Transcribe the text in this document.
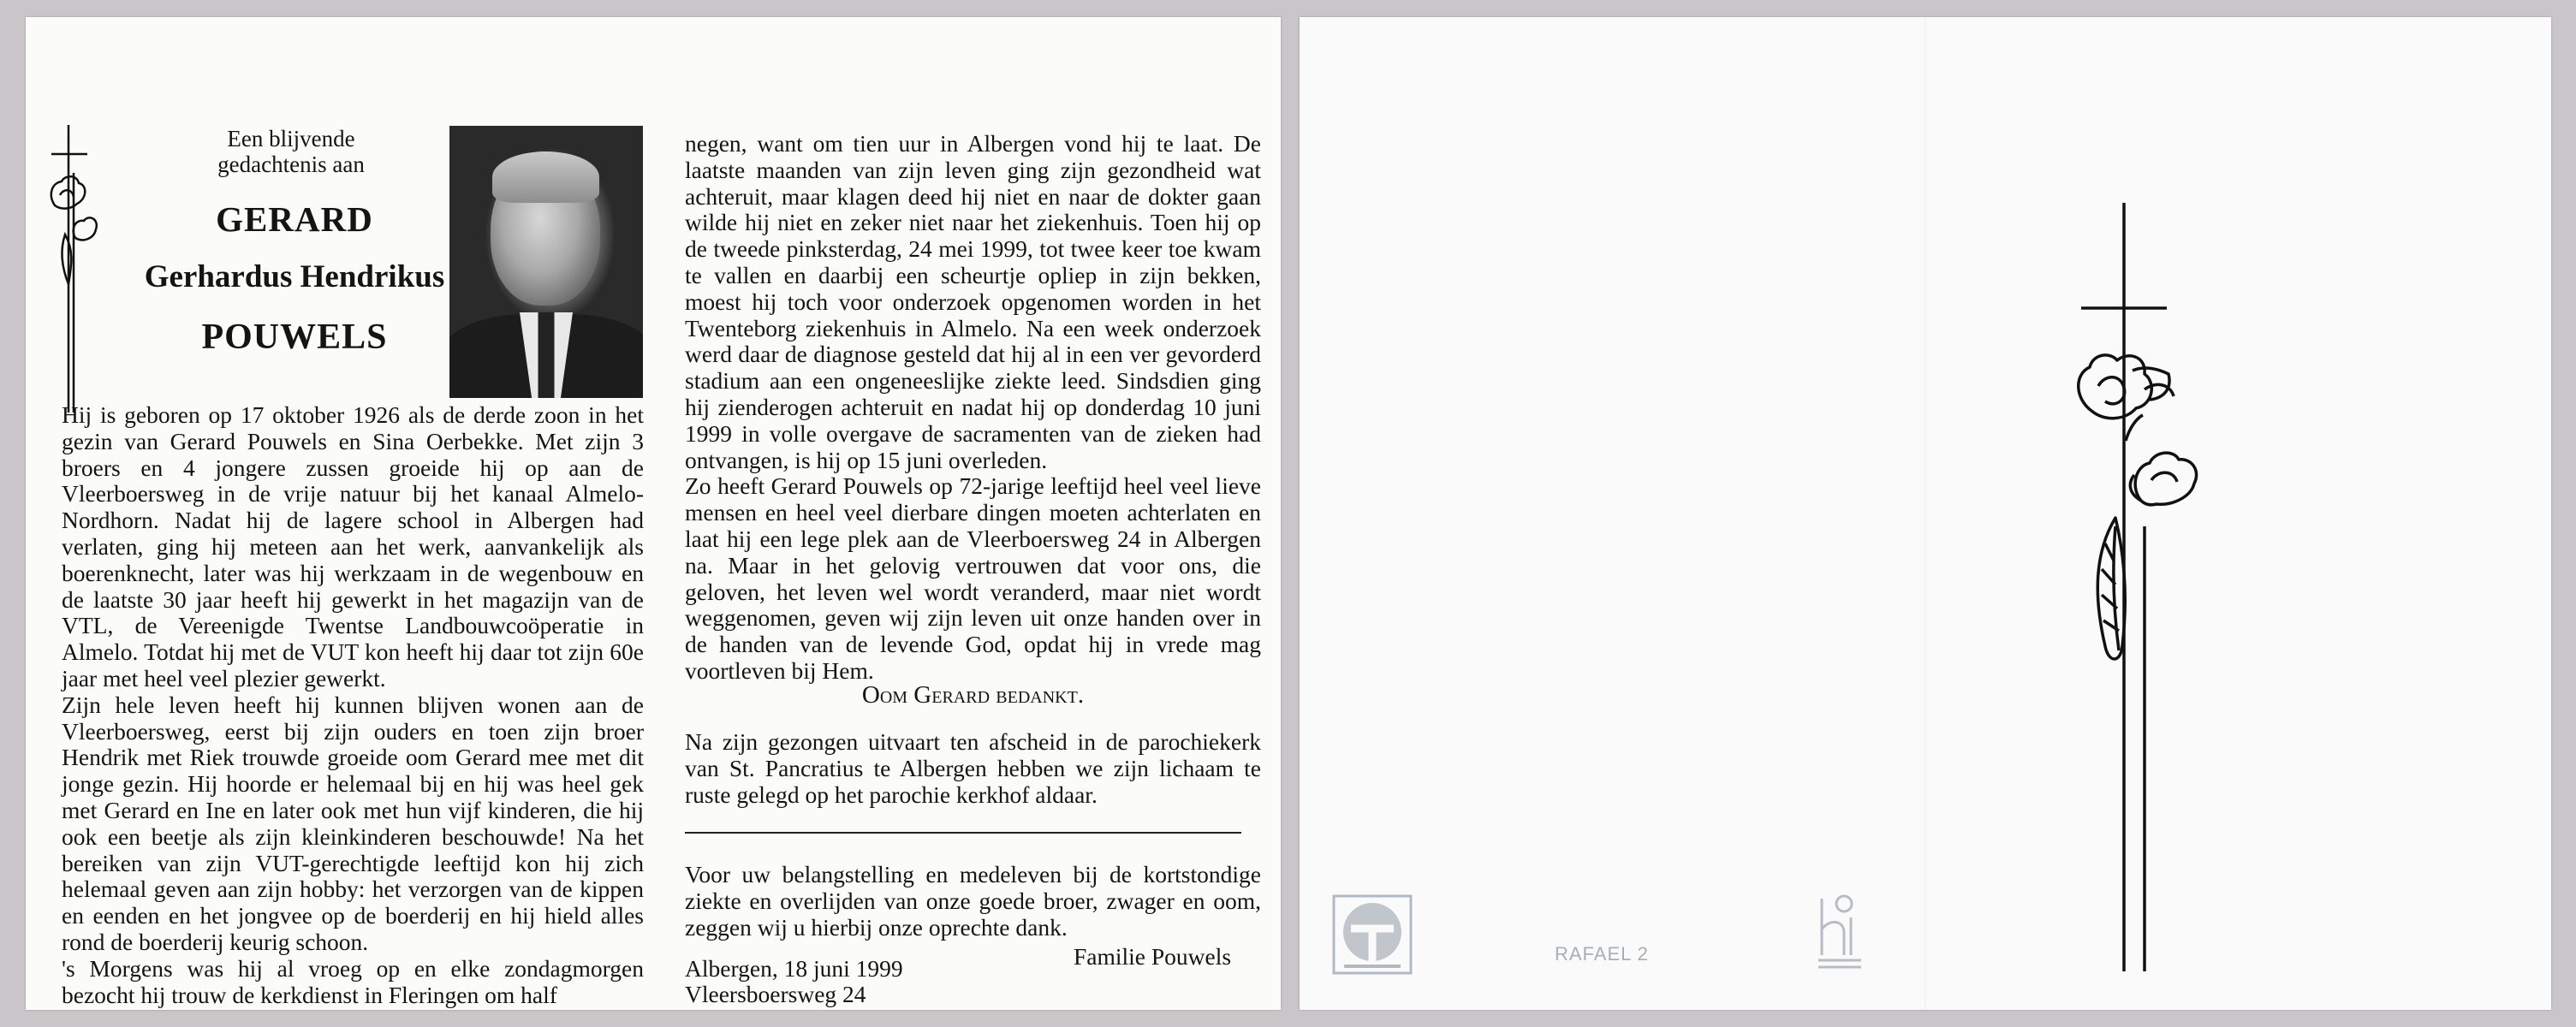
Een blijvende
gedachtenis aan
GERARD
Gerhardus Hendrikus
POUWELS

Hij is geboren op 17 oktober 1926 als de derde zoon in het gezin van Gerard Pouwels en Sina Oerbekke. Met zijn 3 broers en 4 jongere zussen groeide hij op aan de Vleerboersweg in de vrije natuur bij het kanaal Almelo-Nordhorn. Nadat hij de lagere school in Albergen had verlaten, ging hij meteen aan het werk, aanvankelijk als boerenknecht, later was hij werkzaam in de wegenbouw en de laatste 30 jaar heeft hij gewerkt in het magazijn van de VTL, de Vereenigde Twentse Landbouwcoöperatie in Almelo. Totdat hij met de VUT kon heeft hij daar tot zijn 60e jaar met heel veel plezier gewerkt.

Zijn hele leven heeft hij kunnen blijven wonen aan de Vleerboersweg, eerst bij zijn ouders en toen zijn broer Hendrik met Riek trouwde groeide oom Gerard mee met dit jonge gezin. Hij hoorde er helemaal bij en hij was heel gek met Gerard en Ine en later ook met hun vijf kinderen, die hij ook een beetje als zijn kleinkinderen beschouwde! Na het bereiken van zijn VUT-gerechtigde leeftijd kon hij zich helemaal geven aan zijn hobby: het verzorgen van de kippen en eenden en het jongvee op de boerderij en hij hield alles rond de boerderij keurig schoon.

's Morgens was hij al vroeg op en elke zondagmorgen bezocht hij trouw de kerkdienst in Fleringen om half

negen, want om tien uur in Albergen vond hij te laat. De laatste maanden van zijn leven ging zijn gezondheid wat achteruit, maar klagen deed hij niet en naar de dokter gaan wilde hij niet en zeker niet naar het ziekenhuis. Toen hij op de tweede pinksterdag, 24 mei 1999, tot twee keer toe kwam te vallen en daarbij een scheurtje opliep in zijn bekken, moest hij toch voor onderzoek opgenomen worden in het Twenteborg ziekenhuis in Almelo. Na een week onderzoek werd daar de diagnose gesteld dat hij al in een ver gevorderd stadium aan een ongeneeslijke ziekte leed. Sindsdien ging hij zienderogen achteruit en nadat hij op donderdag 10 juni 1999 in volle overgave de sacramenten van de zieken had ontvangen, is hij op 15 juni overleden.

Zo heeft Gerard Pouwels op 72-jarige leeftijd heel veel lieve mensen en heel veel dierbare dingen moeten achterlaten en laat hij een lege plek aan de Vleerboersweg 24 in Albergen na. Maar in het gelovig vertrouwen dat voor ons, die geloven, het leven wel wordt veranderd, maar niet wordt weggenomen, geven wij zijn leven uit onze handen over in de handen van de levende God, opdat hij in vrede mag voortleven bij Hem.

Oom Gerard bedankt.
Na zijn gezongen uitvaart ten afscheid in de parochiekerk van St. Pancratius te Albergen hebben we zijn lichaam te ruste gelegd op het parochie kerkhof aldaar.
Voor uw belangstelling en medeleven bij de kortstondige ziekte en overlijden van onze goede broer, zwager en oom, zeggen wij u hierbij onze oprechte dank.
Albergen, 18 juni 1999
Vleersboersweg 24
Familie Pouwels	RAFAEL 2
